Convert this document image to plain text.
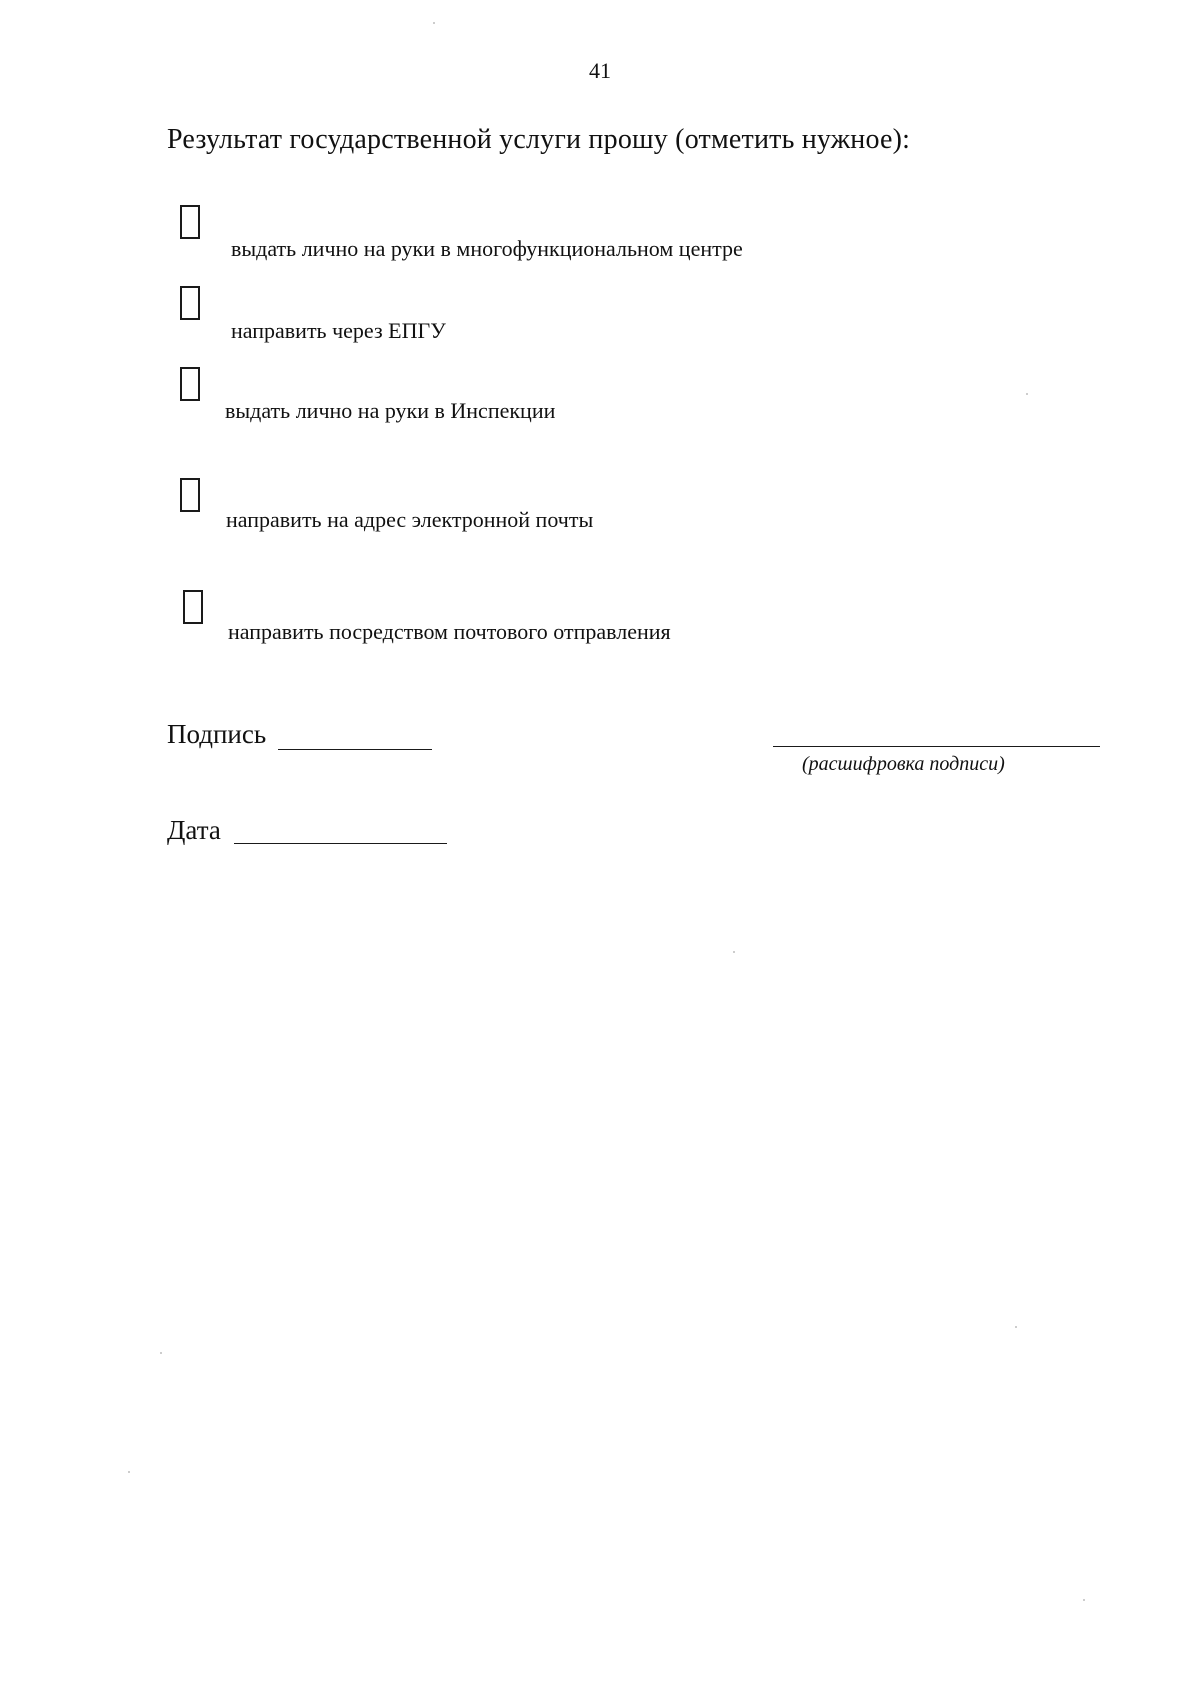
41
Результат государственной услуги прошу (отметить нужное):
выдать лично на руки в многофункциональном центре
направить через ЕПГУ
выдать лично на руки в Инспекции
направить на адрес электронной почты
направить посредством почтового отправления
Подпись
(расшифровка подписи)
Дата
